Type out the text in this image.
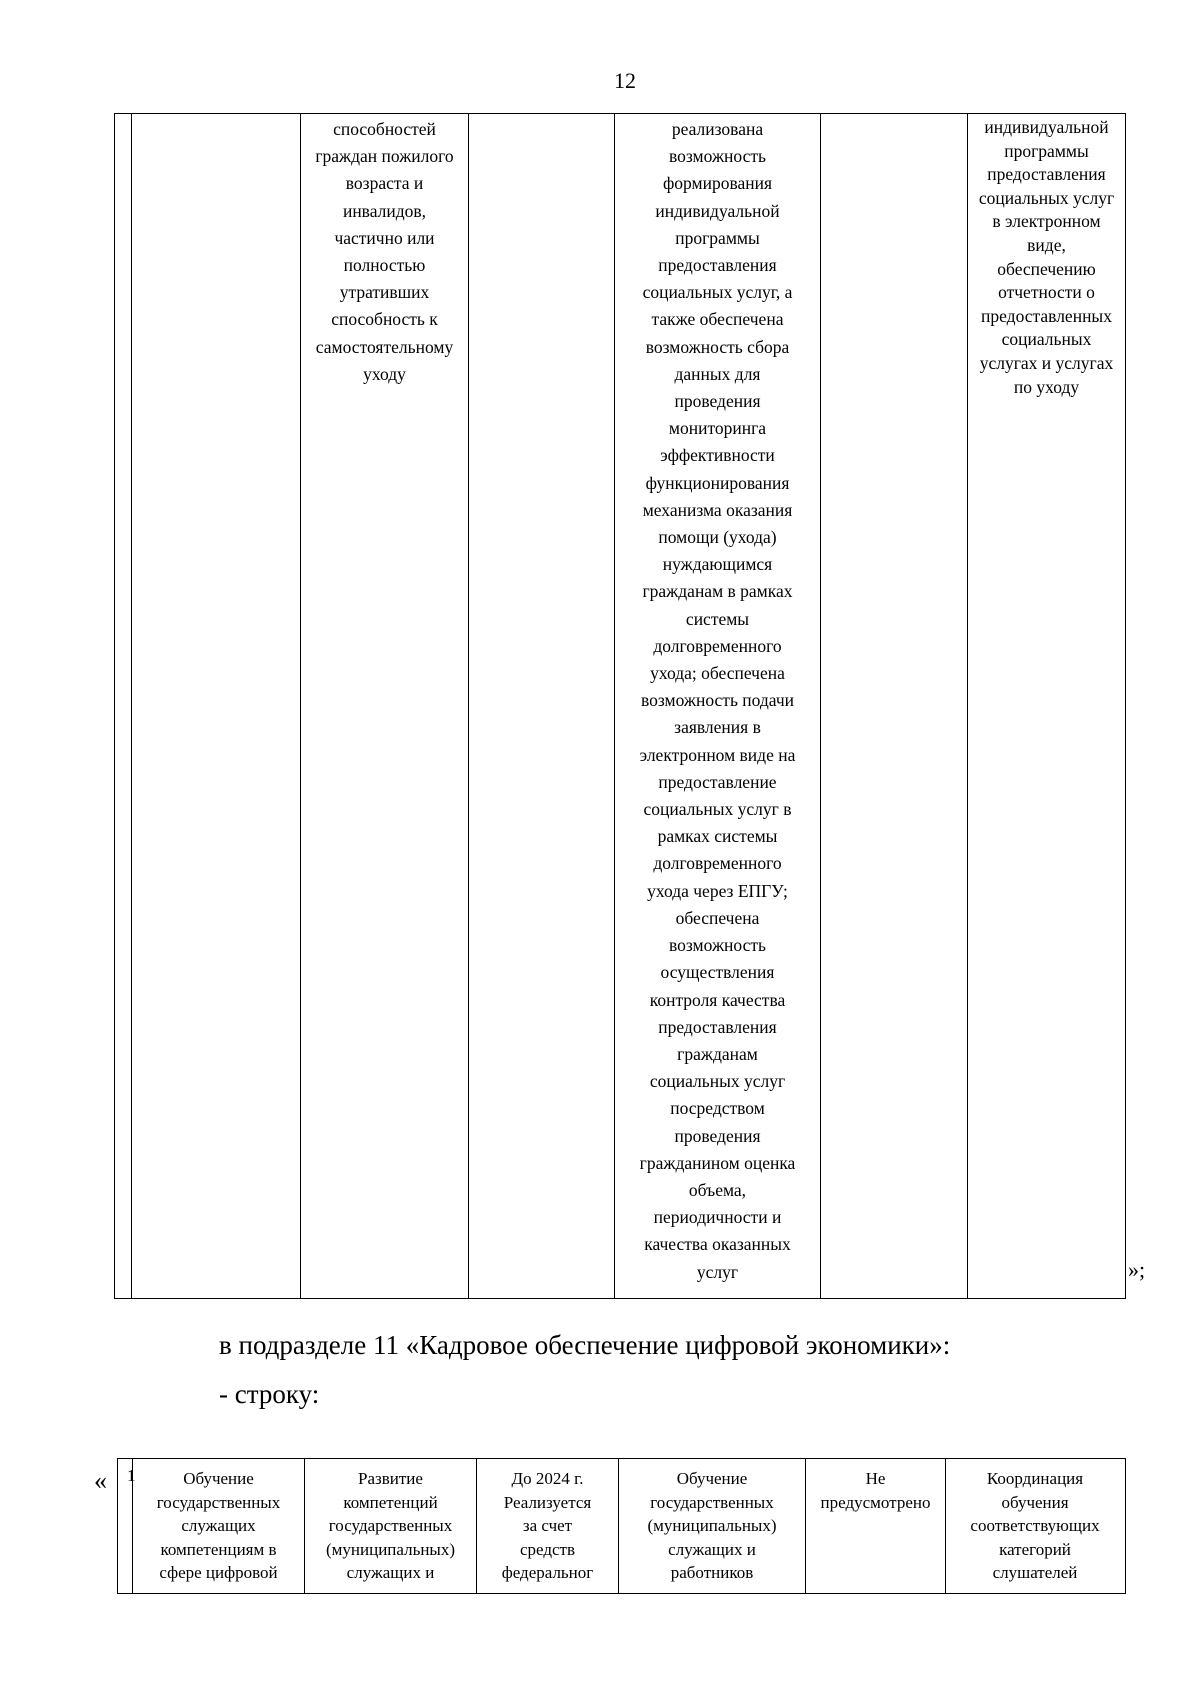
12
способностей
граждан пожилого
возраста и
инвалидов,
частично или
полностью
утративших
способность к
самостоятельному
уходу
реализована
возможность
формирования
индивидуальной
программы
предоставления
социальных услуг, а
также обеспечена
возможность сбора
данных для
проведения
мониторинга
эффективности
функционирования
механизма оказания
помощи (ухода)
нуждающимся
гражданам в рамках
системы
долговременного
ухода; обеспечена
возможность подачи
заявления в
электронном виде на
предоставление
социальных услуг в
рамках системы
долговременного
ухода через ЕПГУ;
обеспечена
возможность
осуществления
контроля качества
предоставления
гражданам
социальных услуг
посредством
проведения
гражданином оценка
объема,
периодичности и
качества оказанных
услуг
индивидуальной
программы
предоставления
социальных услуг
в электронном
виде,
обеспечению
отчетности о
предоставленных
социальных
услугах и услугах
по уходу
»;
в подразделе 11 «Кадровое обеспечение цифровой экономики»:
- строку:
« 1	Обучение
государственных
служащих
компетенциям в
сфере цифровой
Развитие
компетенций
государственных
(муниципальных)
служащих и
До 2024 г.
Реализуется
за счет
средств
федеральног
Обучение
государственных
(муниципальных)
служащих и
работников
Не
предусмотрено
Координация
обучения
соответствующих
категорий
слушателей
